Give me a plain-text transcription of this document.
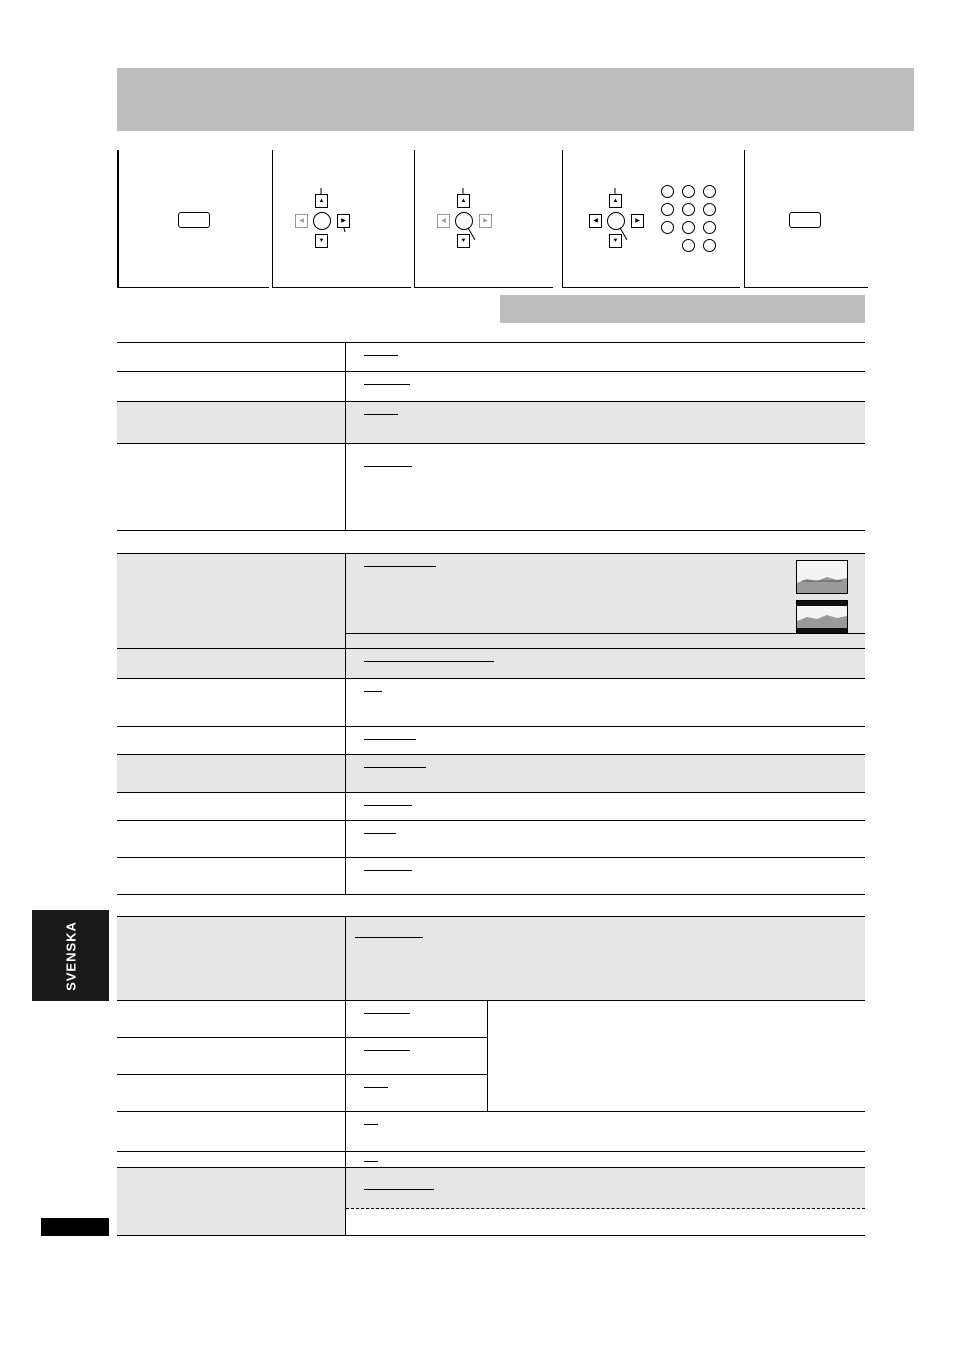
▲
◀	▶
▼
▲
◀	▶
▼
▲
◀	▶
▼
SVENSKA
